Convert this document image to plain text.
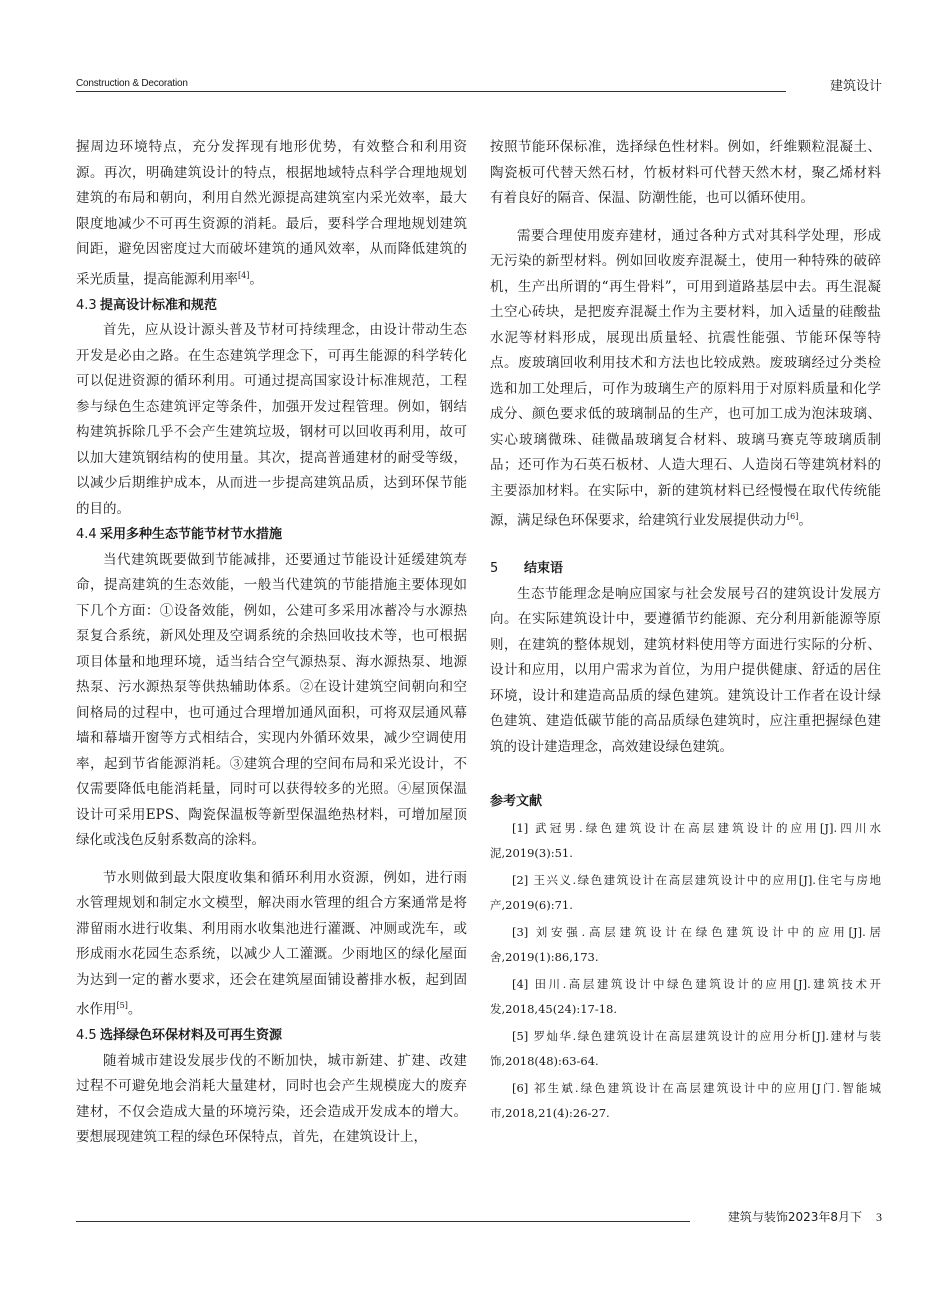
Construction & Decoration	建筑设计

握周边环境特点，充分发挥现有地形优势，有效整合和利用资源。再次，明确建筑设计的特点，根据地域特点科学合理地规划建筑的布局和朝向，利用自然光源提高建筑室内采光效率，最大限度地减少不可再生资源的消耗。最后，要科学合理地规划建筑间距，避免因密度过大而破坏建筑的通风效率，从而降低建筑的采光质量，提高能源利用率[4]。

4.3 提高设计标准和规范

首先，应从设计源头普及节材可持续理念，由设计带动生态开发是必由之路。在生态建筑学理念下，可再生能源的科学转化可以促进资源的循环利用。可通过提高国家设计标准规范，工程参与绿色生态建筑评定等条件，加强开发过程管理。例如，钢结构建筑拆除几乎不会产生建筑垃圾，钢材可以回收再利用，故可以加大建筑钢结构的使用量。其次，提高普通建材的耐受等级，以减少后期维护成本，从而进一步提高建筑品质，达到环保节能的目的。

4.4 采用多种生态节能节材节水措施

当代建筑既要做到节能减排，还要通过节能设计延缓建筑寿命，提高建筑的生态效能，一般当代建筑的节能措施主要体现如下几个方面：①设备效能，例如，公建可多采用冰蓄冷与水源热泵复合系统，新风处理及空调系统的余热回收技术等，也可根据项目体量和地理环境，适当结合空气源热泵、海水源热泵、地源热泵、污水源热泵等供热辅助体系。②在设计建筑空间朝向和空间格局的过程中，也可通过合理增加通风面积，可将双层通风幕墙和幕墙开窗等方式相结合，实现内外循环效果，减少空调使用率，起到节省能源消耗。③建筑合理的空间布局和采光设计，不仅需要降低电能消耗量，同时可以获得较多的光照。④屋顶保温设计可采用EPS、陶瓷保温板等新型保温绝热材料，可增加屋顶绿化或浅色反射系数高的涂料。

节水则做到最大限度收集和循环利用水资源，例如，进行雨水管理规划和制定水文模型，解决雨水管理的组合方案通常是将滞留雨水进行收集、利用雨水收集池进行灌溉、冲厕或洗车，或形成雨水花园生态系统，以减少人工灌溉。少雨地区的绿化屋面为达到一定的蓄水要求，还会在建筑屋面铺设蓄排水板，起到固水作用[5]。

4.5 选择绿色环保材料及可再生资源

随着城市建设发展步伐的不断加快，城市新建、扩建、改建过程不可避免地会消耗大量建材，同时也会产生规模庞大的废弃建材，不仅会造成大量的环境污染，还会造成开发成本的增大。要想展现建筑工程的绿色环保特点，首先，在建筑设计上，

按照节能环保标准，选择绿色性材料。例如，纤维颗粒混凝土、陶瓷板可代替天然石材，竹板材料可代替天然木材，聚乙烯材料有着良好的隔音、保温、防潮性能，也可以循环使用。

需要合理使用废弃建材，通过各种方式对其科学处理，形成无污染的新型材料。例如回收废弃混凝土，使用一种特殊的破碎机，生产出所谓的“再生骨料”，可用到道路基层中去。再生混凝土空心砖块，是把废弃混凝土作为主要材料，加入适量的硅酸盐水泥等材料形成，展现出质量轻、抗震性能强、节能环保等特点。废玻璃回收利用技术和方法也比较成熟。废玻璃经过分类检选和加工处理后，可作为玻璃生产的原料用于对原料质量和化学成分、颜色要求低的玻璃制品的生产，也可加工成为泡沫玻璃、实心玻璃微珠、硅微晶玻璃复合材料、玻璃马赛克等玻璃质制品；还可作为石英石板材、人造大理石、人造岗石等建筑材料的主要添加材料。在实际中，新的建筑材料已经慢慢在取代传统能源，满足绿色环保要求，给建筑行业发展提供动力[6]。

5 结束语

生态节能理念是响应国家与社会发展号召的建筑设计发展方向。在实际建筑设计中，要遵循节约能源、充分利用新能源等原则，在建筑的整体规划，建筑材料使用等方面进行实际的分析、设计和应用，以用户需求为首位，为用户提供健康、舒适的居住环境，设计和建造高品质的绿色建筑。建筑设计工作者在设计绿色建筑、建造低碳节能的高品质绿色建筑时，应注重把握绿色建筑的设计建造理念，高效建设绿色建筑。

参考文献
[1] 武冠男.绿色建筑设计在高层建筑设计的应用[J].四川水泥,2019(3):51.
[2] 王兴义.绿色建筑设计在高层建筑设计中的应用[J].住宅与房地产,2019(6):71.
[3] 刘安强.高层建筑设计在绿色建筑设计中的应用[J].居舍,2019(1):86,173.
[4] 田川.高层建筑设计中绿色建筑设计的应用[J].建筑技术开发,2018,45(24):17-18.
[5] 罗灿华.绿色建筑设计在高层建筑设计的应用分析[J].建材与装饰,2018(48):63-64.
[6] 祁生斌.绿色建筑设计在高层建筑设计中的应用[J门.智能城市,2018,21(4):26-27.
建筑与装饰2023年8月下 3
